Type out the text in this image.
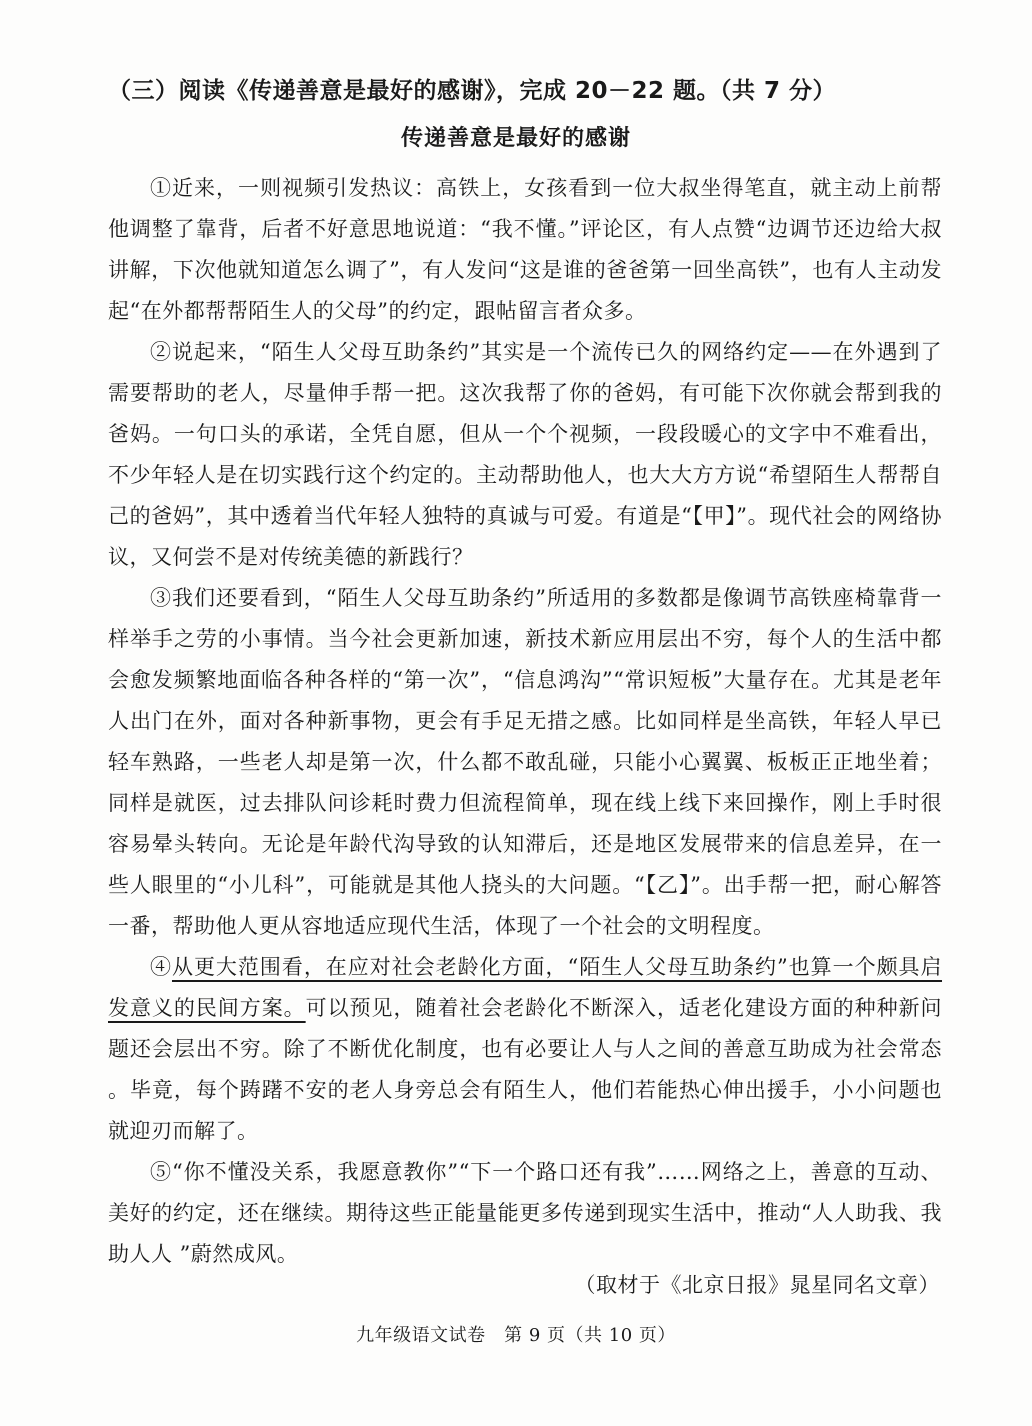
（三）阅读《传递善意是最好的感谢》，完成 20－22 题。（共 7 分）
传递善意是最好的感谢

①近来，一则视频引发热议：高铁上，女孩看到一位大叔坐得笔直，就主动上前帮他调整了靠背，后者不好意思地说道：“我不懂。”评论区，有人点赞“边调节还边给大叔讲解，下次他就知道怎么调了”，有人发问“这是谁的爸爸第一回坐高铁”，也有人主动发起“在外都帮帮陌生人的父母”的约定，跟帖留言者众多。

②说起来，“陌生人父母互助条约”其实是一个流传已久的网络约定——在外遇到了需要帮助的老人，尽量伸手帮一把。这次我帮了你的爸妈，有可能下次你就会帮到我的爸妈。一句口头的承诺，全凭自愿，但从一个个视频，一段段暖心的文字中不难看出，不少年轻人是在切实践行这个约定的。主动帮助他人，也大大方方说“希望陌生人帮帮自己的爸妈”，其中透着当代年轻人独特的真诚与可爱。有道是“【甲】”。现代社会的网络协议，又何尝不是对传统美德的新践行？

③我们还要看到，“陌生人父母互助条约”所适用的多数都是像调节高铁座椅靠背一样举手之劳的小事情。当今社会更新加速，新技术新应用层出不穷，每个人的生活中都会愈发频繁地面临各种各样的“第一次”，“信息鸿沟”“常识短板”大量存在。尤其是老年人出门在外，面对各种新事物，更会有手足无措之感。比如同样是坐高铁，年轻人早已轻车熟路，一些老人却是第一次，什么都不敢乱碰，只能小心翼翼、板板正正地坐着；同样是就医，过去排队问诊耗时费力但流程简单，现在线上线下来回操作，刚上手时很容易晕头转向。无论是年龄代沟导致的认知滞后，还是地区发展带来的信息差异，在一些人眼里的“小儿科”，可能就是其他人挠头的大问题。“【乙】”。出手帮一把，耐心解答一番，帮助他人更从容地适应现代生活，体现了一个社会的文明程度。

④从更大范围看，在应对社会老龄化方面，“陌生人父母互助条约”也算一个颇具启发意义的民间方案。可以预见，随着社会老龄化不断深入，适老化建设方面的种种新问题还会层出不穷。除了不断优化制度，也有必要让人与人之间的善意互助成为社会常态 。毕竟，每个踌躇不安的老人身旁总会有陌生人，他们若能热心伸出援手，小小问题也就迎刃而解了。

⑤“你不懂没关系，我愿意教你”“下一个路口还有我”……网络之上，善意的互动、美好的约定，还在继续。期待这些正能量能更多传递到现实生活中，推动“人人助我、我助人人 ”蔚然成风。

（取材于《北京日报》晁星同名文章）
九年级语文试卷　第 9 页（共 10 页）
